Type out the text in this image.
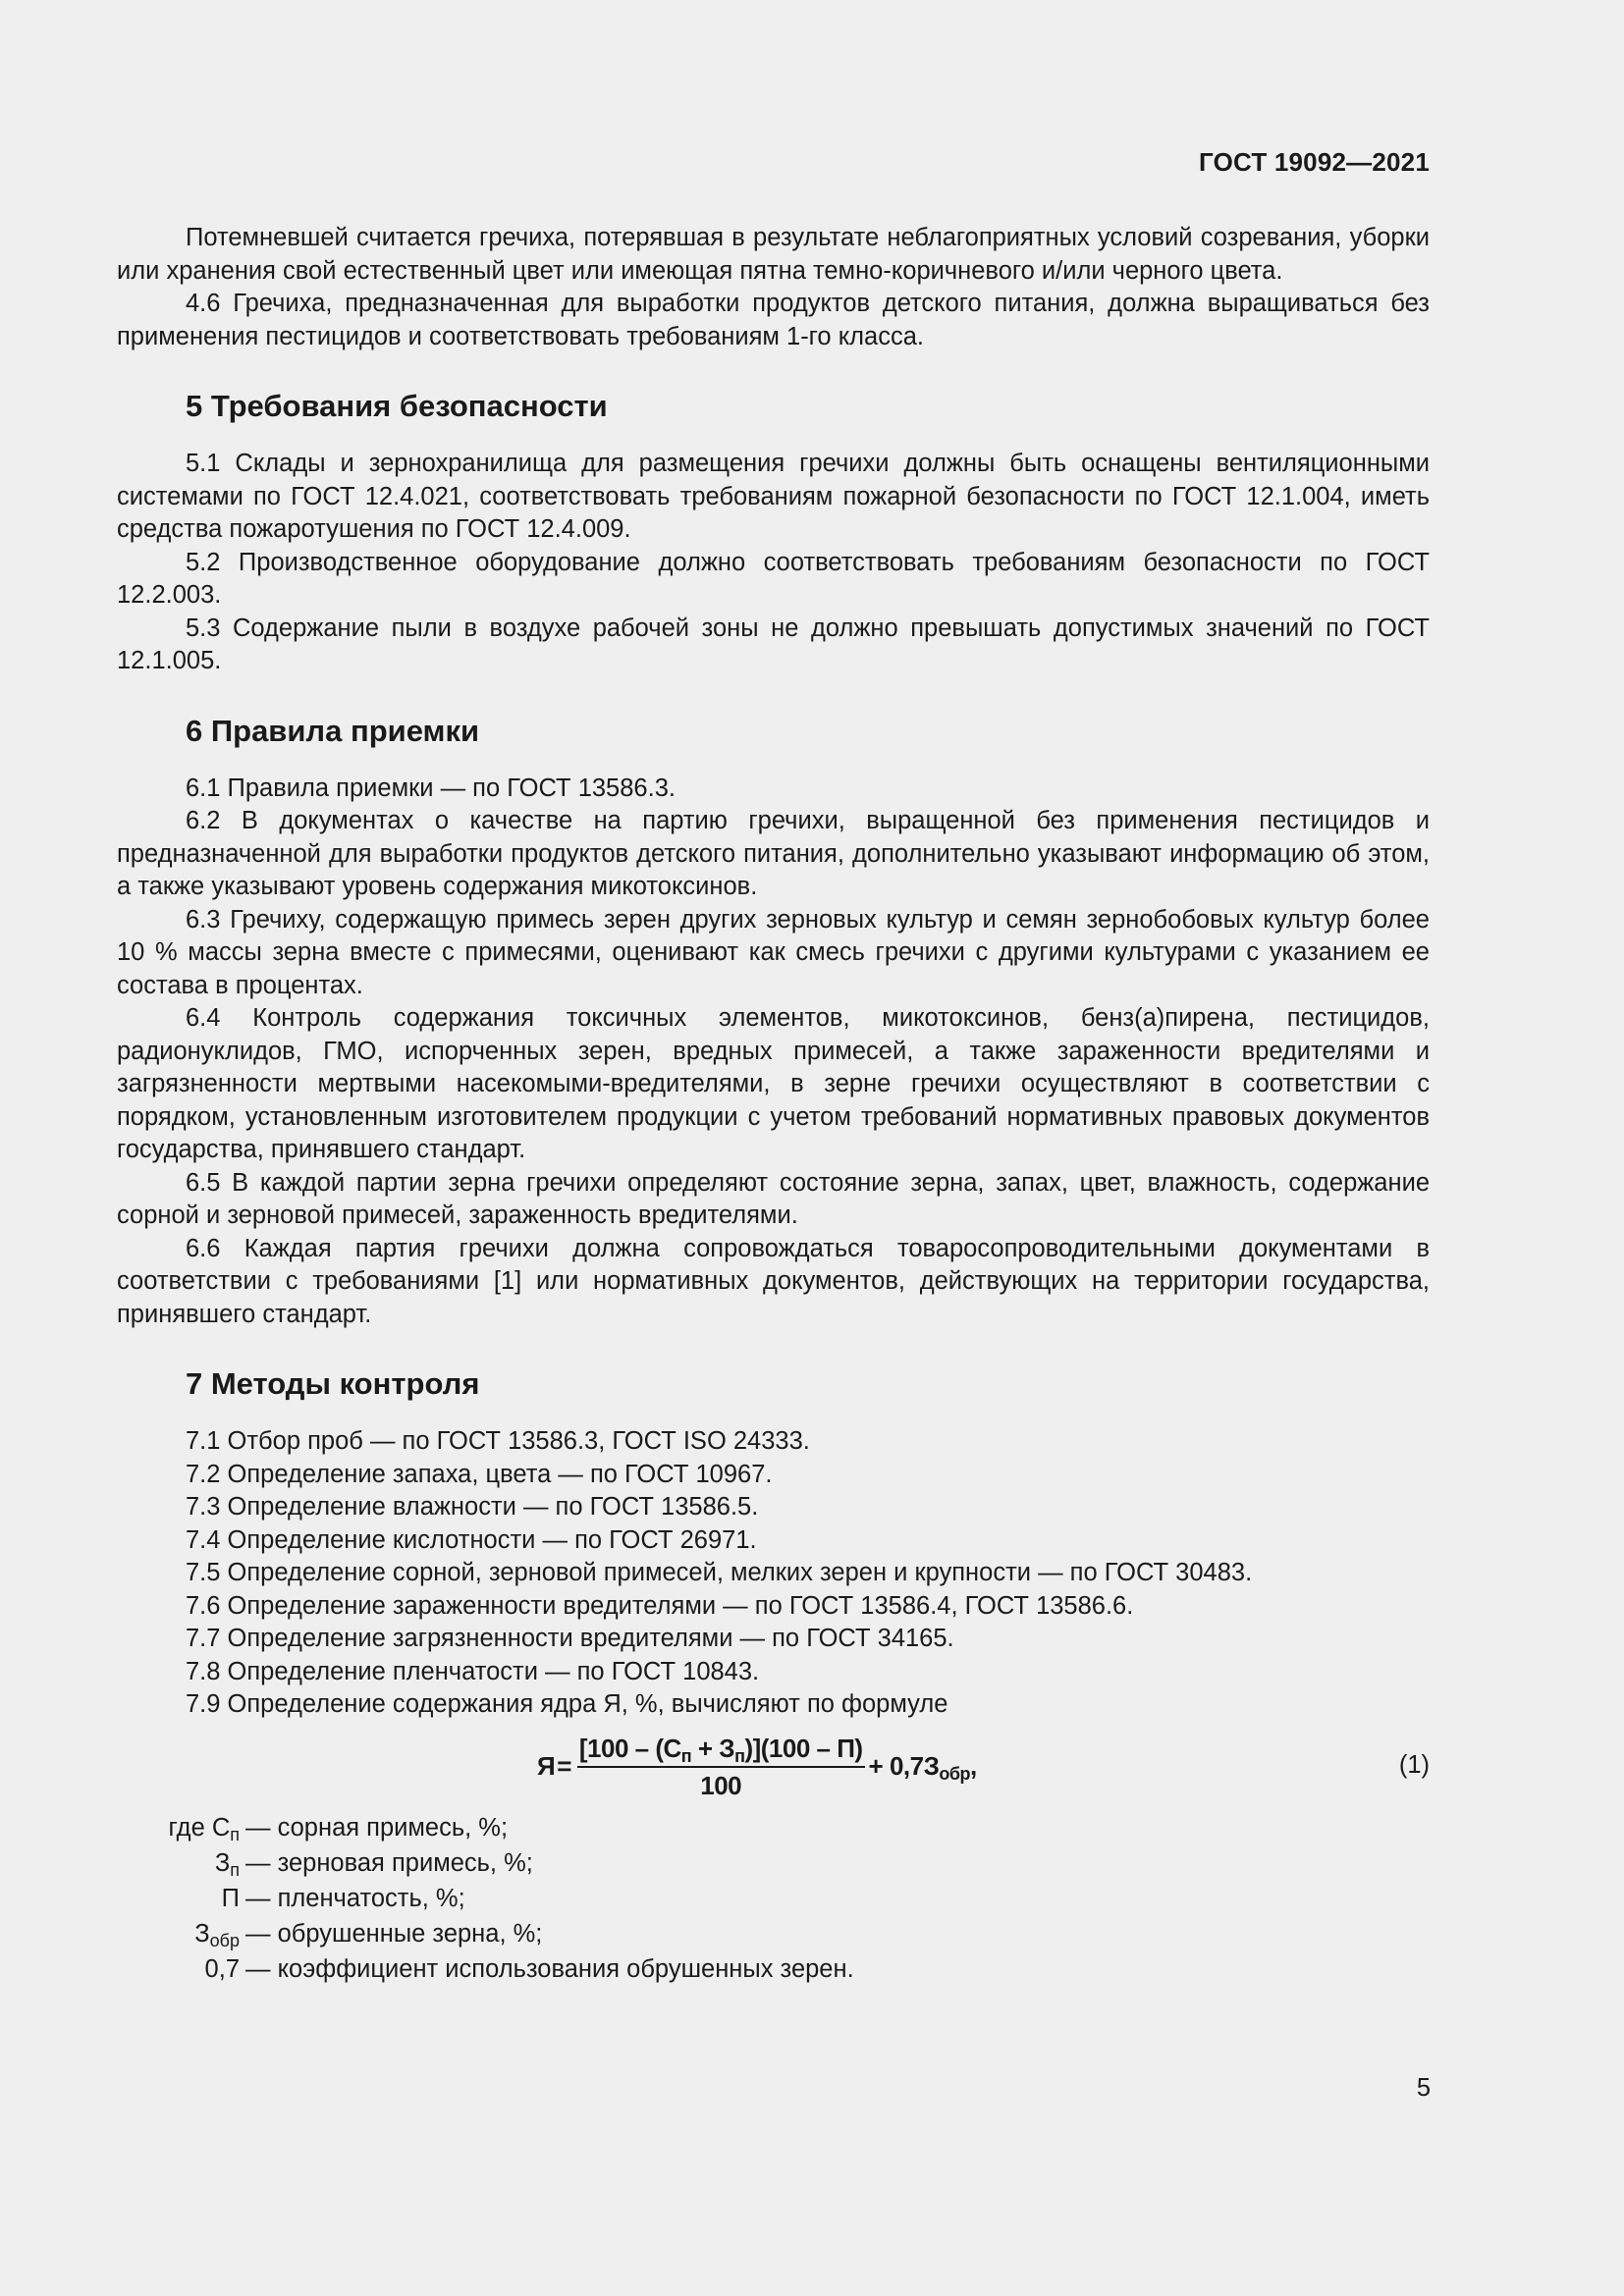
ГОСТ 19092—2021

Потемневшей считается гречиха, потерявшая в результате неблагоприятных условий созревания, уборки или хранения свой естественный цвет или имеющая пятна темно-коричневого и/или черного цвета.

4.6 Гречиха, предназначенная для выработки продуктов детского питания, должна выращиваться без применения пестицидов и соответствовать требованиям 1-го класса.

5 Требования безопасности

5.1 Склады и зернохранилища для размещения гречихи должны быть оснащены вентиляционными системами по ГОСТ 12.4.021, соответствовать требованиям пожарной безопасности по ГОСТ 12.1.004, иметь средства пожаротушения по ГОСТ 12.4.009.

5.2 Производственное оборудование должно соответствовать требованиям безопасности по ГОСТ 12.2.003.

5.3 Содержание пыли в воздухе рабочей зоны не должно превышать допустимых значений по ГОСТ 12.1.005.

6 Правила приемки

6.1 Правила приемки — по ГОСТ 13586.3.

6.2 В документах о качестве на партию гречихи, выращенной без применения пестицидов и предназначенной для выработки продуктов детского питания, дополнительно указывают информацию об этом, а также указывают уровень содержания микотоксинов.

6.3 Гречиху, содержащую примесь зерен других зерновых культур и семян зернобобовых культур более 10 % массы зерна вместе с примесями, оценивают как смесь гречихи с другими культурами с указанием ее состава в процентах.

6.4 Контроль содержания токсичных элементов, микотоксинов, бенз(а)пирена, пестицидов, радионуклидов, ГМО, испорченных зерен, вредных примесей, а также зараженности вредителями и загрязненности мертвыми насекомыми-вредителями, в зерне гречихи осуществляют в соответствии с порядком, установленным изготовителем продукции с учетом требований нормативных правовых документов государства, принявшего стандарт.

6.5 В каждой партии зерна гречихи определяют состояние зерна, запах, цвет, влажность, содержание сорной и зерновой примесей, зараженность вредителями.

6.6 Каждая партия гречихи должна сопровождаться товаросопроводительными документами в соответствии с требованиями [1] или нормативных документов, действующих на территории государства, принявшего стандарт.

7 Методы контроля
7.1 Отбор проб — по ГОСТ 13586.3, ГОСТ ISO 24333.
7.2 Определение запаха, цвета — по ГОСТ 10967.
7.3 Определение влажности — по ГОСТ 13586.5.
7.4 Определение кислотности — по ГОСТ 26971.
7.5 Определение сорной, зерновой примесей, мелких зерен и крупности — по ГОСТ 30483.
7.6 Определение зараженности вредителями — по ГОСТ 13586.4, ГОСТ 13586.6.
7.7 Определение загрязненности вредителями — по ГОСТ 34165.
7.8 Определение пленчатости — по ГОСТ 10843.
7.9 Определение содержания ядра Я, %, вычисляют по формуле
$Я = \frac{[100 - (С_п + З_п)](100 - П)}{100} + 0,7З_{обр}$,	(1)
где $С_п$ — сорная примесь, %;
$З_п$ — зерновая примесь, %;
П — пленчатость, %;
$З_{обр}$ — обрушенные зерна, %;
0,7 — коэффициент использования обрушенных зерен.
5
